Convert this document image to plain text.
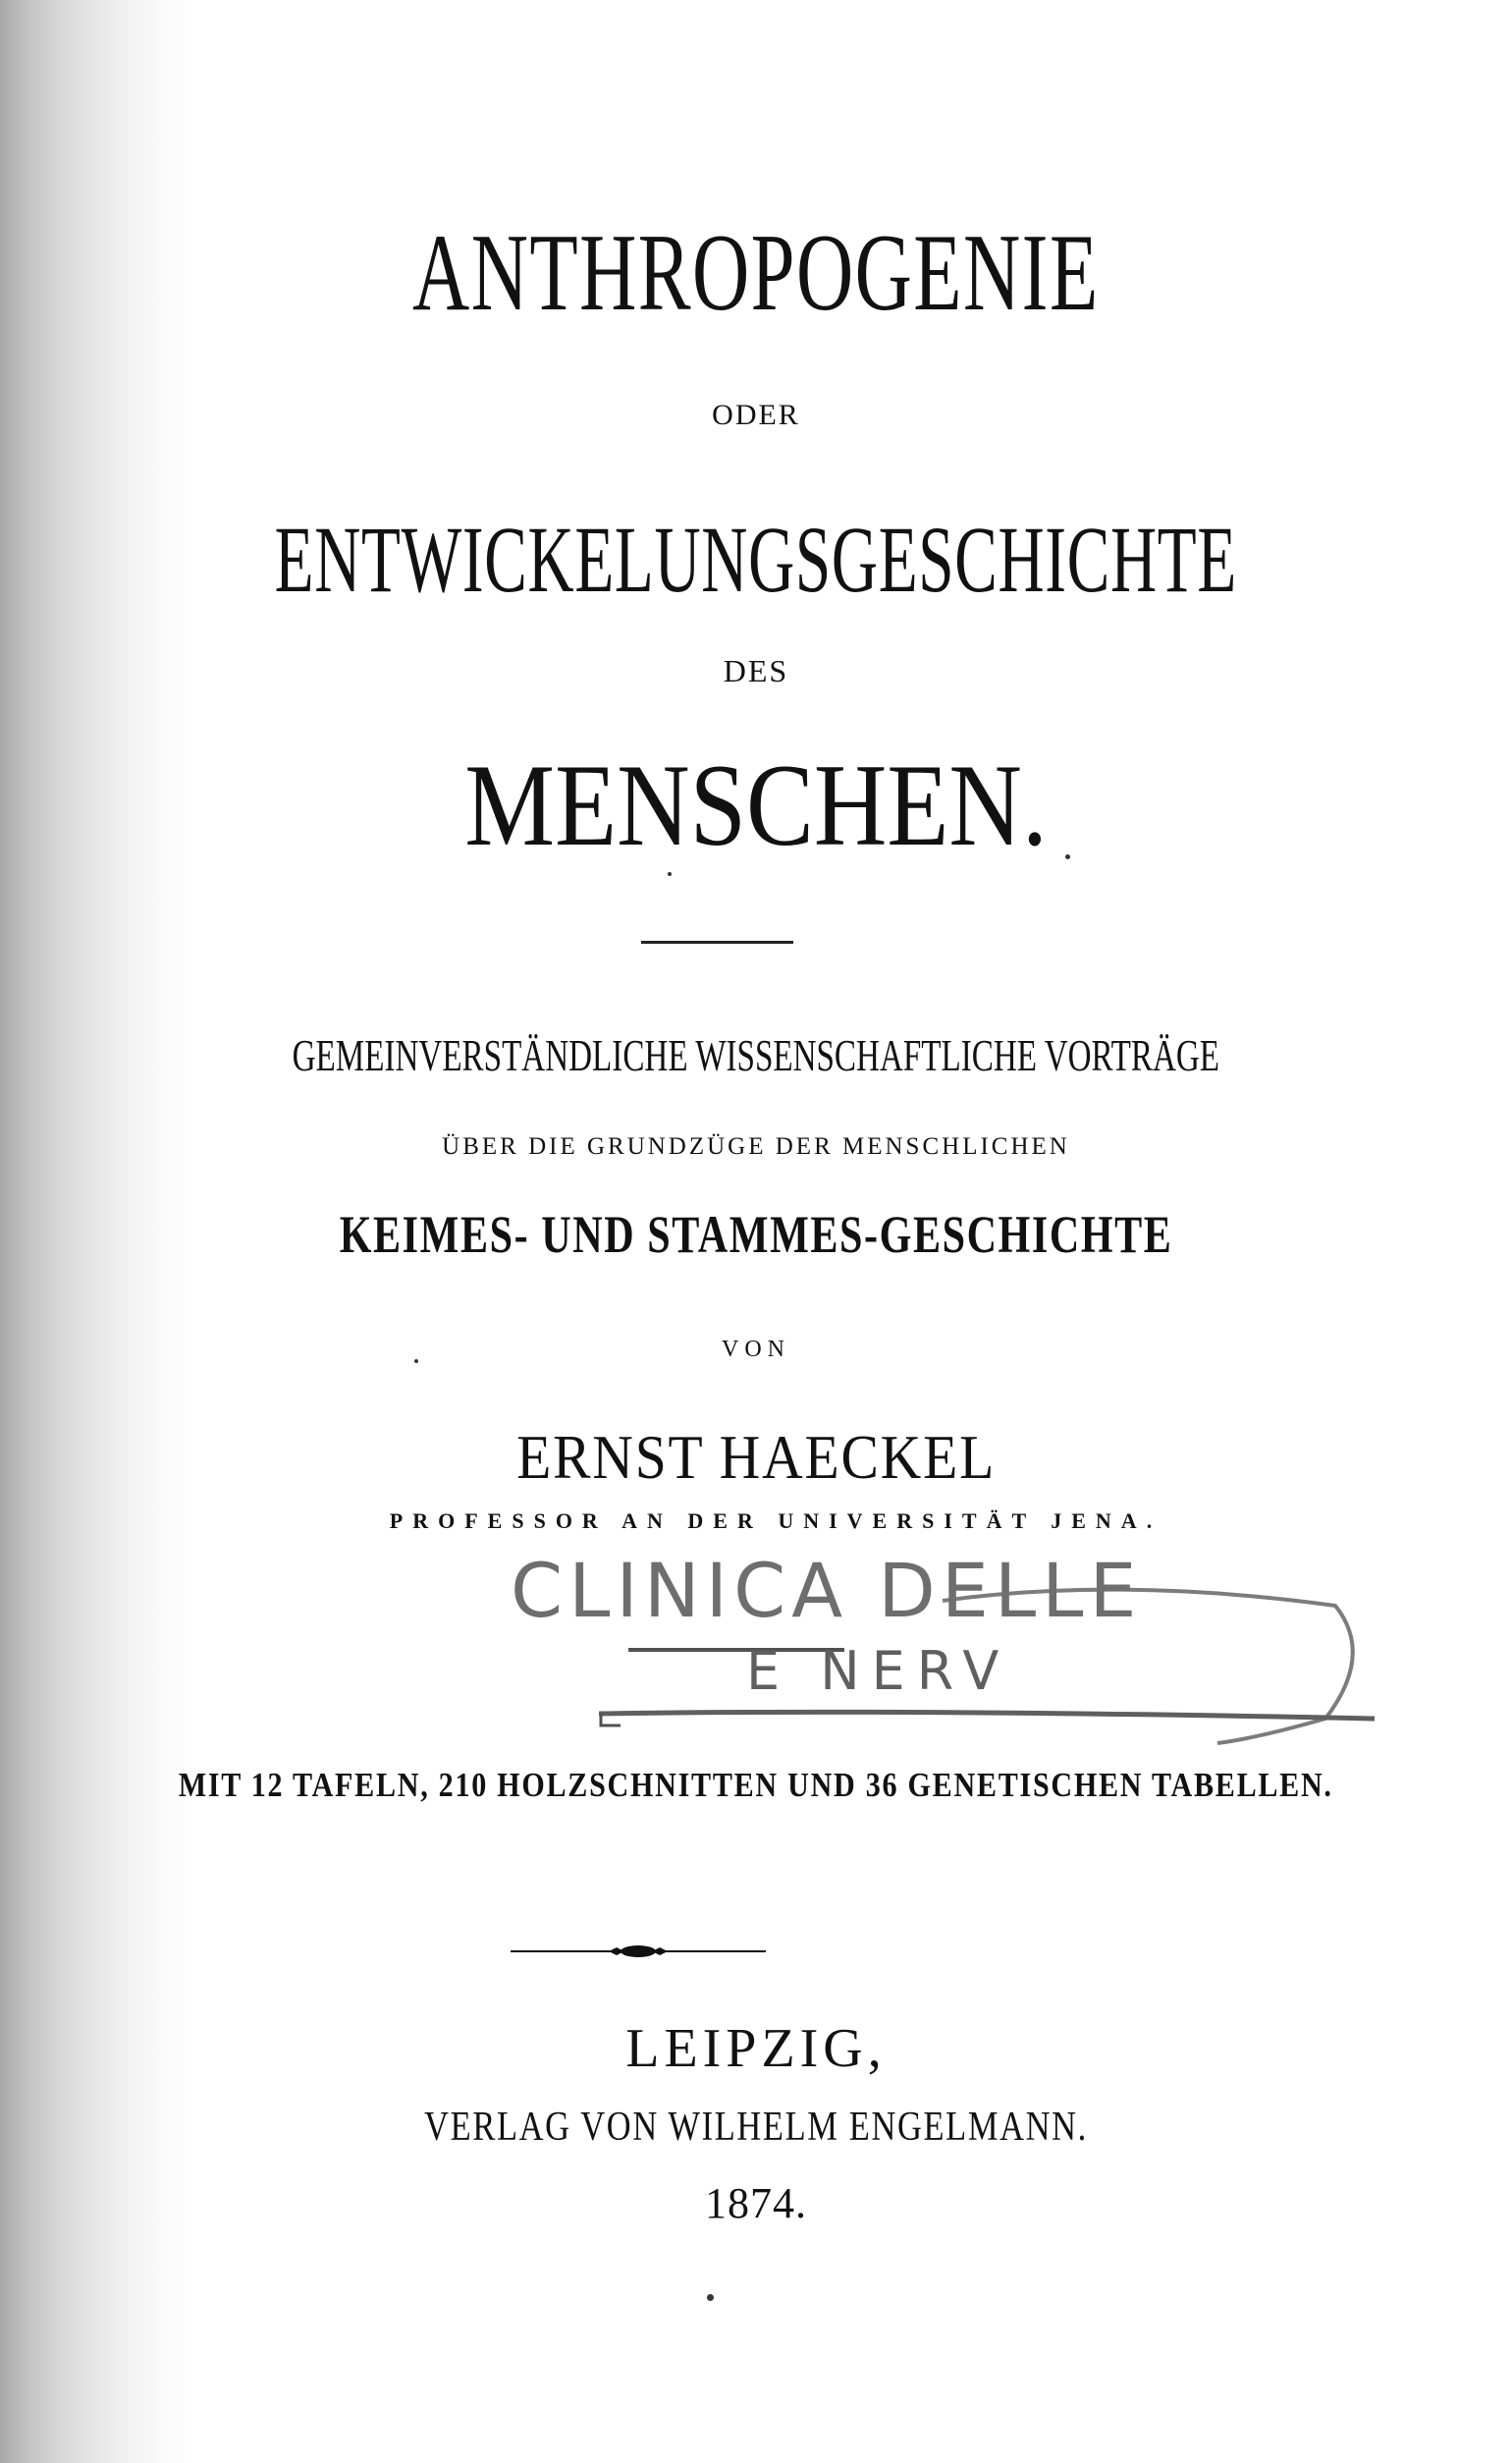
ANTHROPOGENIE
ODER
ENTWICKELUNGSGESCHICHTE
DES
MENSCHEN.
GEMEINVERSTÄNDLICHE WISSENSCHAFTLICHE VORTRÄGE
ÜBER DIE GRUNDZÜGE DER MENSCHLICHEN
KEIMES- UND STAMMES-GESCHICHTE
VON
ERNST HAECKEL
PROFESSOR AN DER UNIVERSITÄT JENA.
CLINICA DELLE
E NERV
MIT 12 TAFELN, 210 HOLZSCHNITTEN UND 36 GENETISCHEN TABELLEN.
LEIPZIG,
VERLAG VON WILHELM ENGELMANN.
1874.
